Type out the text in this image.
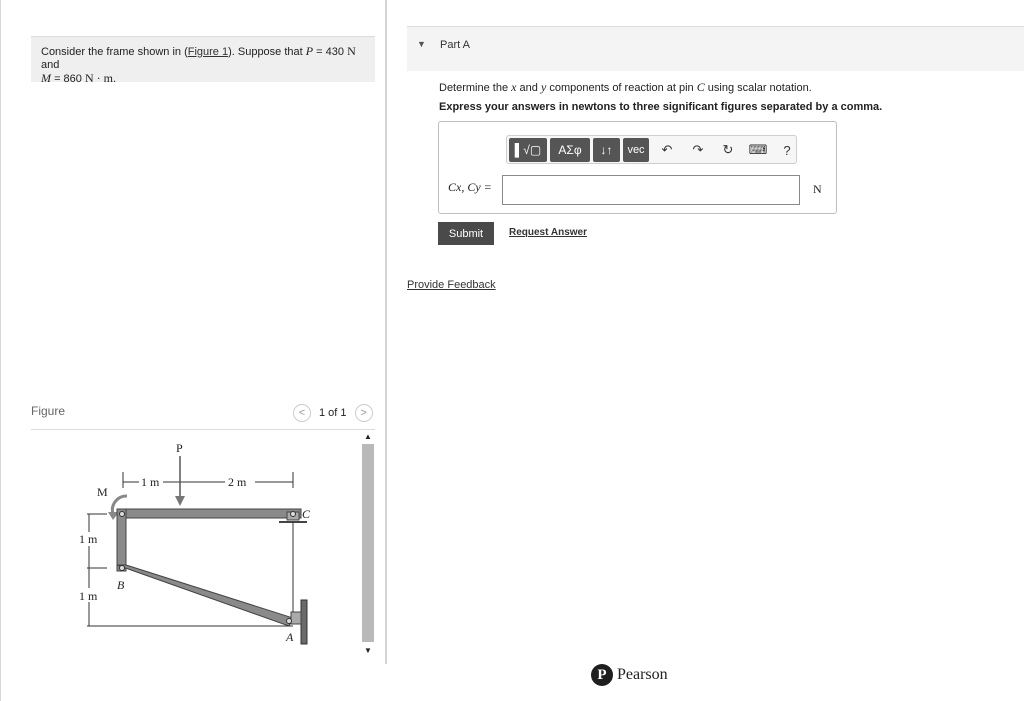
Consider the frame shown in (Figure 1). Suppose that P = 430 N and
M = 860 N · m.
Figure	<	1 of 1	>
1 m	2 m
P
M
B
C
A
1 m
1 m
▲
▼
▼ Part A
Determine the x and y components of reaction at pin C using scalar notation.
Express your answers in newtons to three significant figures separated by a comma.
▌√▢	ΑΣφ	↓↑	vec	↶ ↷ ↻ ⌨	?
Cx, Cy =	N
Submit	Request Answer
Provide Feedback
P Pearson
